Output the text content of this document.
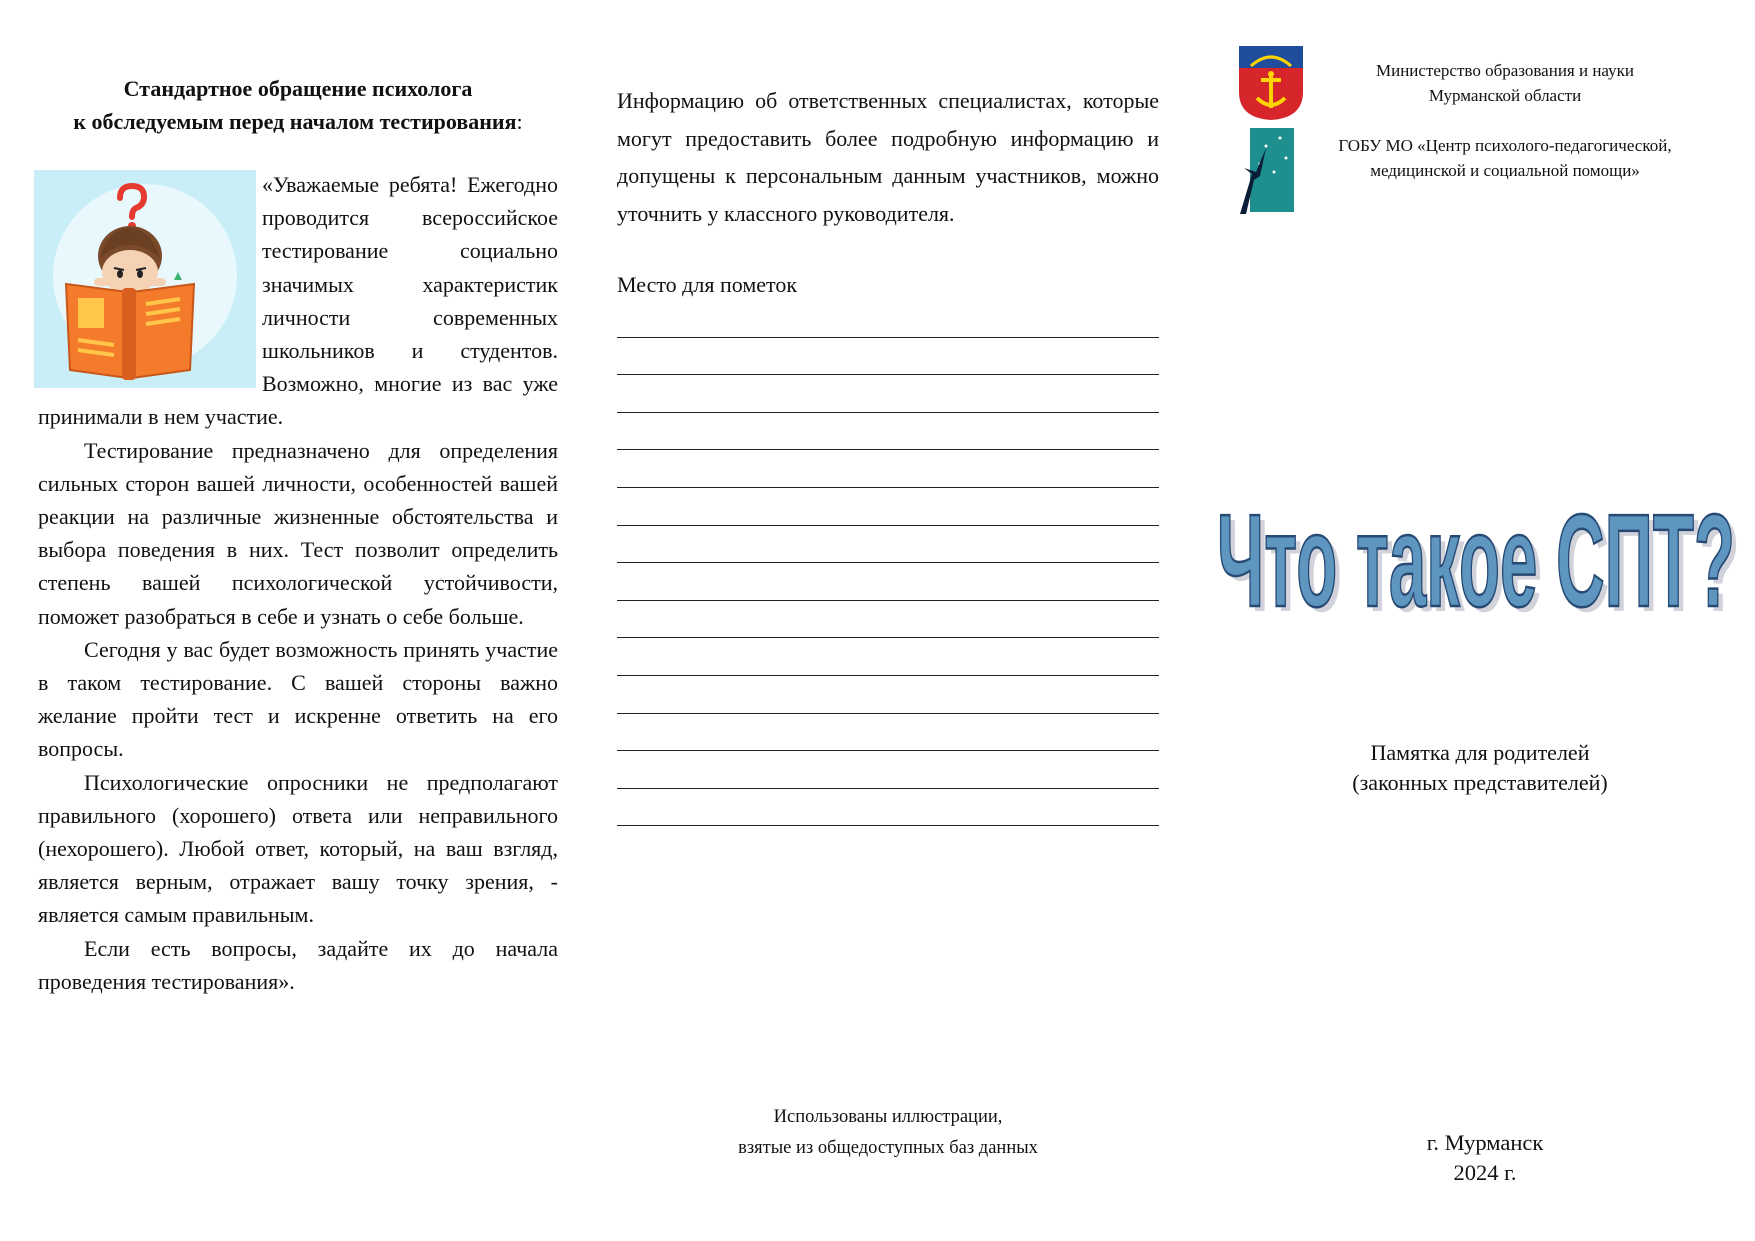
Стандартное обращение психолога
к обследуемым перед началом тестирования:

«Уважаемые ребята! Ежегодно проводится всероссийское тестирование социально значимых характеристик личности современных школьников и студентов. Возможно, многие из вас уже принимали в нем участие.

Тестирование предназначено для определения сильных сторон вашей личности, особенностей вашей реакции на различные жизненные обстоятельства и выбора поведения в них. Тест позволит определить степень вашей психологической устойчивости, поможет разобраться в себе и узнать о себе больше.

Сегодня у вас будет возможность принять участие в таком тестирование. С вашей стороны важно желание пройти тест и искренне ответить на его вопросы.

Психологические опросники не предполагают правильного (хорошего) ответа или неправильного (нехорошего). Любой ответ, который, на ваш взгляд, является верным, отражает вашу точку зрения, - является самым правильным.

Если есть вопросы, задайте их до начала проведения тестирования».

Информацию об ответственных специалистах, которые могут предоставить более подробную информацию и допущены к персональным данным участников, можно уточнить у классного руководителя.

Место для пометок
Использованы иллюстрации,
взятые из общедоступных баз данных
Министерство образования и науки
Мурманской области
ГОБУ МО «Центр психолого-педагогической,
медицинской и социальной помощи»
Что такое СПТ?
Что такое СПТ?
Памятка для родителей
(законных представителей)
г. Мурманск
2024 г.
